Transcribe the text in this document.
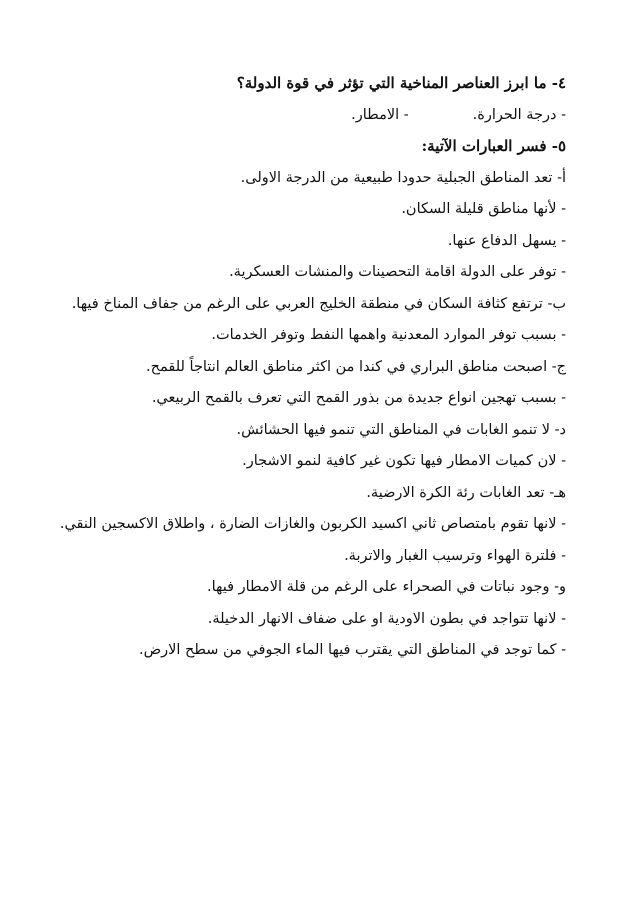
٤- ما ابرز العناصر المناخية التي تؤثر في قوة الدولة؟
- درجة الحرارة.- الامطار.
٥- فسر العبارات الآتية:
أ- تعد المناطق الجبلية حدودا طبيعية من الدرجة الاولى.
- لأنها مناطق قليلة السكان.
- يسهل الدفاع عنها.
- توفر على الدولة اقامة التحصينات والمنشات العسكرية.
ب- ترتفع كثافة السكان في منطقة الخليج العربي على الرغم من جفاف المناخ فيها.
- بسبب توفر الموارد المعدنية واهمها النفط وتوفر الخدمات.
ج- اصبحت مناطق البراري في كندا من اكثر مناطق العالم انتاجاً للقمح.
- بسبب تهجين انواع جديدة من بذور القمح التي تعرف بالقمح الربيعي.
د- لا تنمو الغابات في المناطق التي تنمو فيها الحشائش.
- لان كميات الامطار فيها تكون غير كافية لنمو الاشجار.
هـ- تعد الغابات رئة الكرة الارضية.
- لانها تقوم بامتصاص ثاني اكسيد الكربون والغازات الضارة ، واطلاق الاكسجين النقي.
- فلترة الهواء وترسيب الغبار والاتربة.
و- وجود نباتات في الصحراء على الرغم من قلة الامطار فيها.
- لانها تتواجد في بطون الاودية او على ضفاف الانهار الدخيلة.
- كما توجد في المناطق التي يقترب فيها الماء الجوفي من سطح الارض.
